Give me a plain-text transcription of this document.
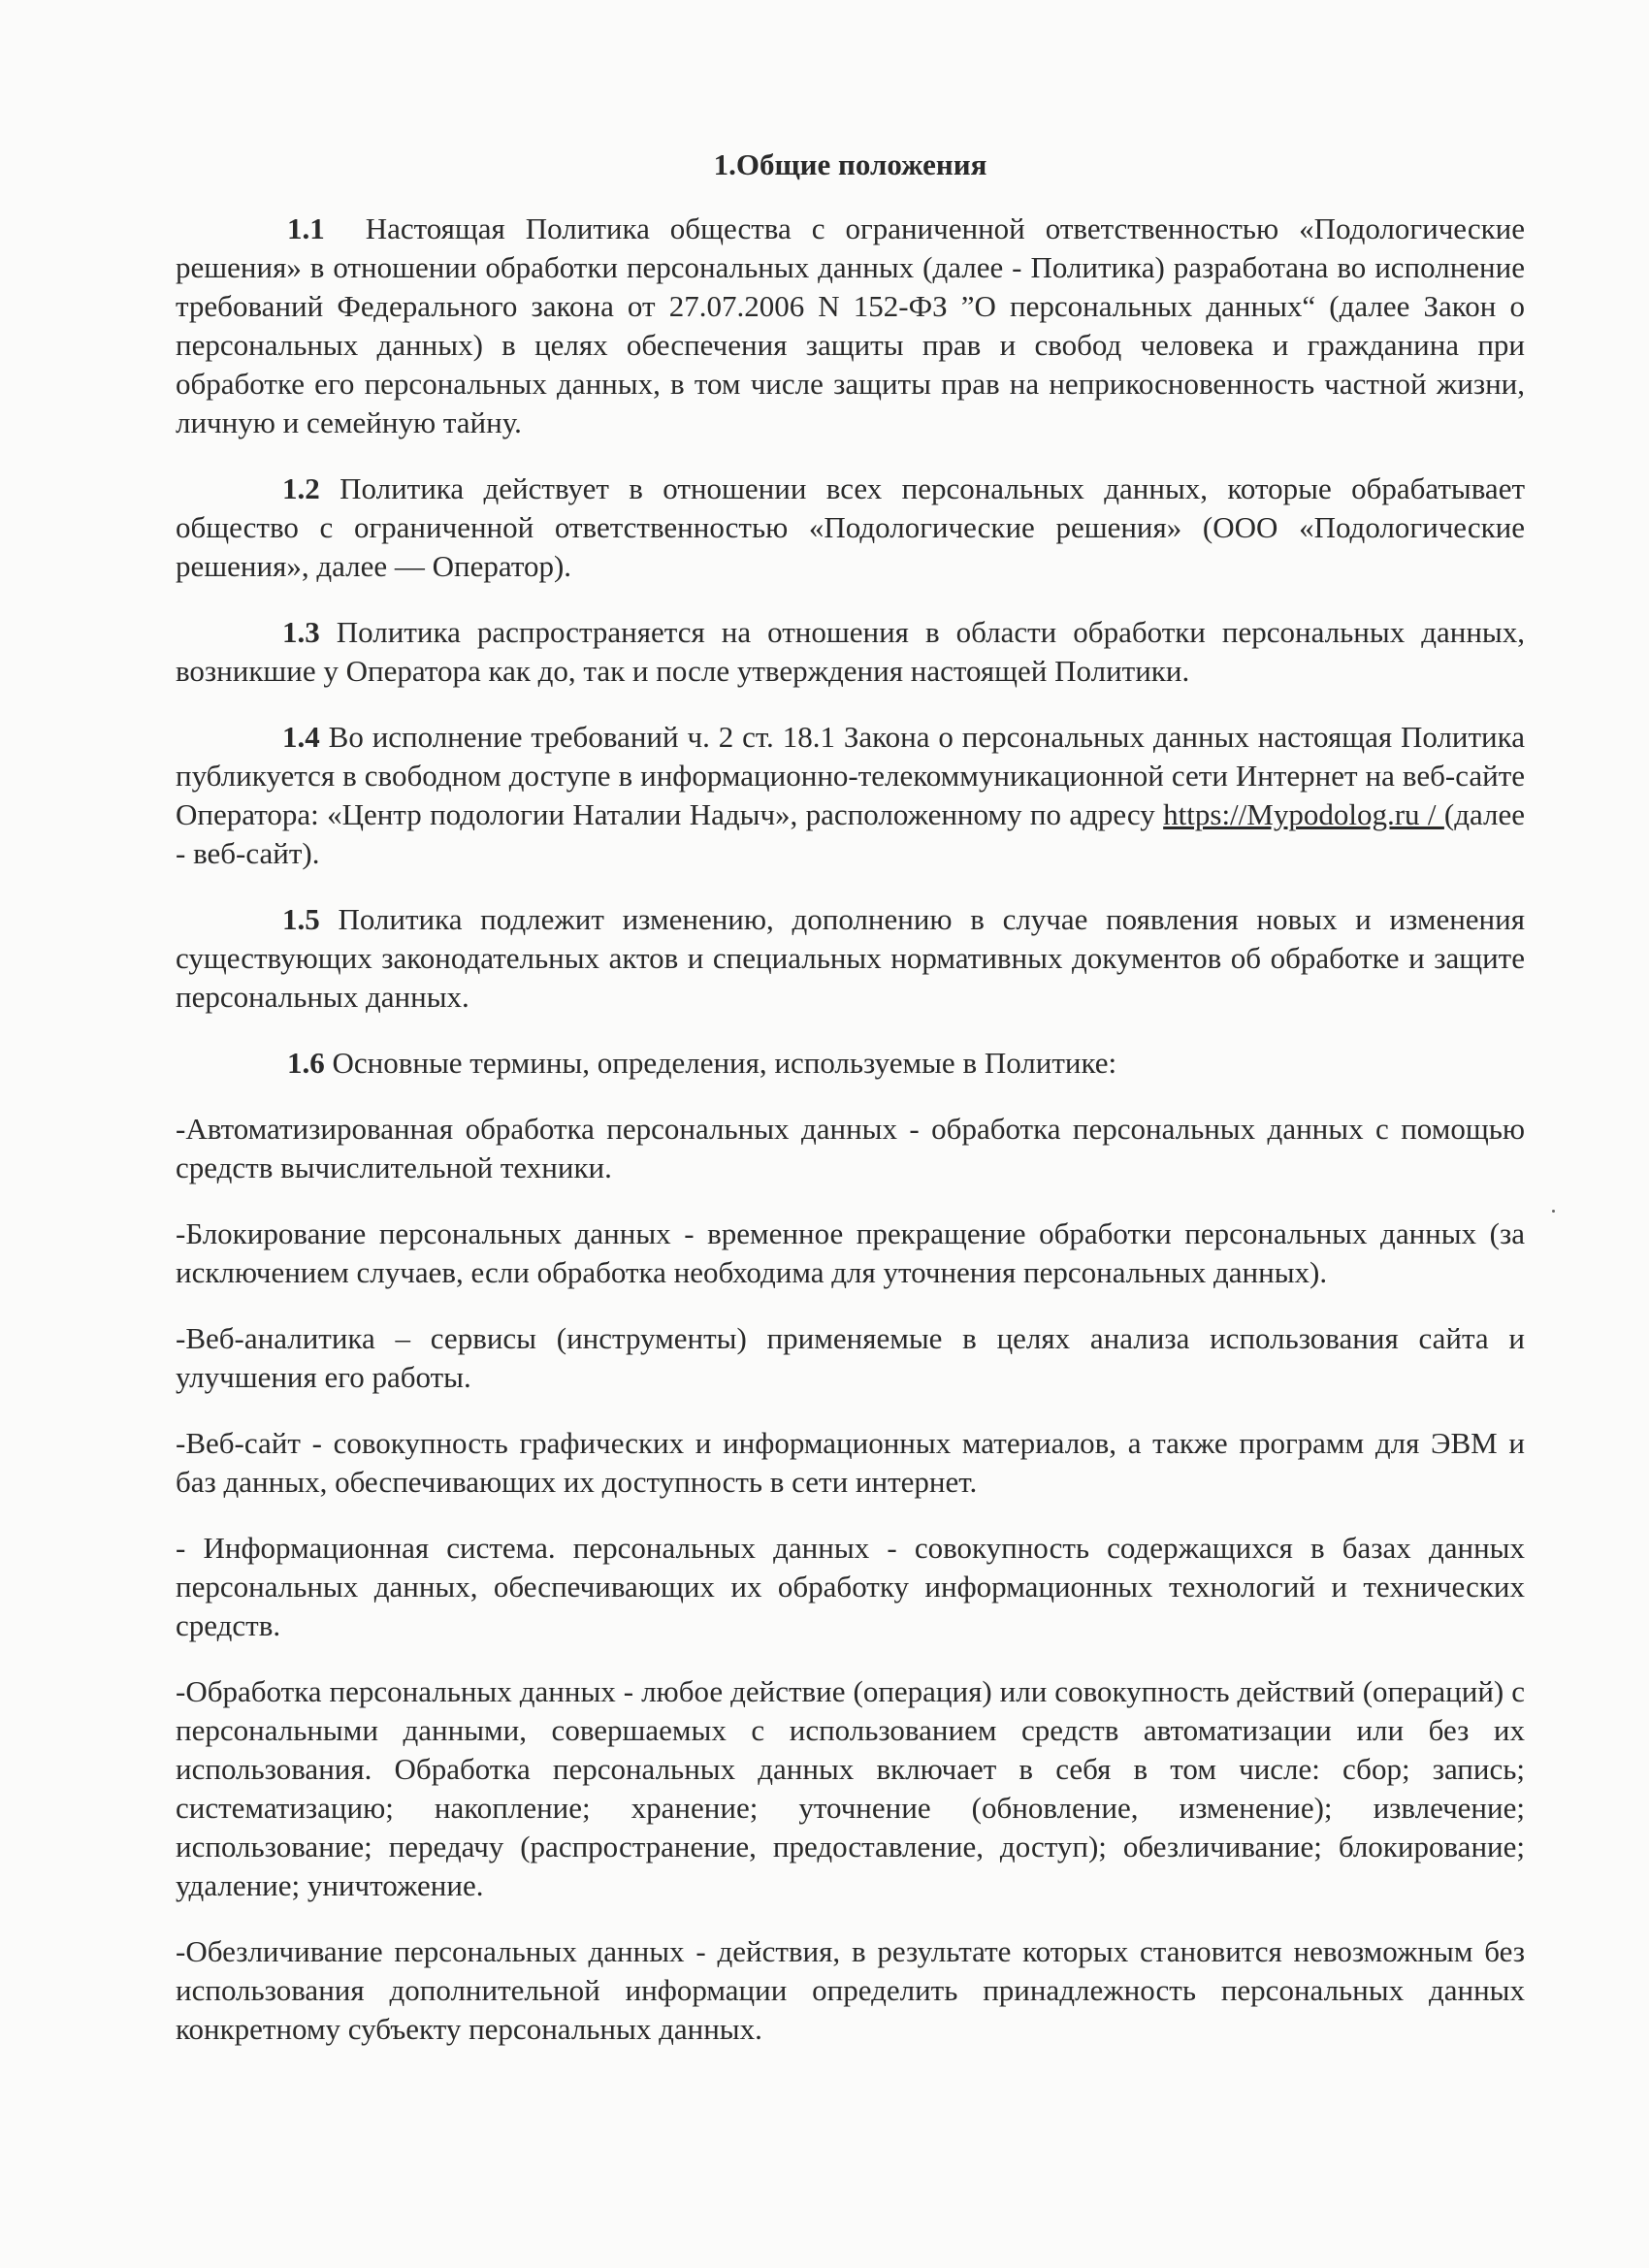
1.Общие положения

1.1 Настоящая Политика общества с ограниченной ответственностью «Подологические решения» в отношении обработки персональных данных (далее - Политика) разработана во исполнение требований Федерального закона от 27.07.2006 N 152-ФЗ ”О персональных данных“ (далее Закон о персональных данных) в целях обеспечения защиты прав и свобод человека и гражданина при обработке его персональных данных, в том числе защиты прав на неприкосновенность частной жизни, личную и семейную тайну.

1.2 Политика действует в отношении всех персональных данных, которые обрабатывает общество с ограниченной ответственностью «Подологические решения» (ООО «Подологические решения», далее — Оператор).

1.3 Политика распространяется на отношения в области обработки персональных данных, возникшие у Оператора как до, так и после утверждения настоящей Политики.

1.4 Во исполнение требований ч. 2 ст. 18.1 Закона о персональных данных настоящая Политика публикуется в свободном доступе в информационно-телекоммуникационной сети Интернет на веб-сайте Оператора: «Центр подологии Наталии Надыч», расположенному по адресу https://Mypodolog.ru / (далее - веб-сайт).

1.5 Политика подлежит изменению, дополнению в случае появления новых и изменения существующих законодательных актов и специальных нормативных документов об обработке и защите персональных данных.

1.6 Основные термины, определения, используемые в Политике:

-Автоматизированная обработка персональных данных - обработка персональных данных с помощью средств вычислительной техники.

-Блокирование персональных данных - временное прекращение обработки персональных данных (за исключением случаев, если обработка необходима для уточнения персональных данных).

-Веб-аналитика – сервисы (инструменты) применяемые в целях анализа использования сайта и улучшения его работы.

-Веб-сайт - совокупность графических и информационных материалов, а также программ для ЭВМ и баз данных, обеспечивающих их доступность в сети интернет.

- Информационная система. персональных данных - совокупность содержащихся в базах данных персональных данных, обеспечивающих их обработку информационных технологий и технических средств.

-Обработка персональных данных - любое действие (операция) или совокупность действий (операций) с персональными данными, совершаемых с использованием средств автоматизации или без их использования. Обработка персональных данных включает в себя в том числе: сбор; запись; систематизацию; накопление; хранение; уточнение (обновление, изменение); извлечение; использование; передачу (распространение, предоставление, доступ); обезличивание; блокирование; удаление; уничтожение.

-Обезличивание персональных данных - действия, в результате которых становится невозможным без использования дополнительной информации определить принадлежность персональных данных конкретному субъекту персональных данных.
